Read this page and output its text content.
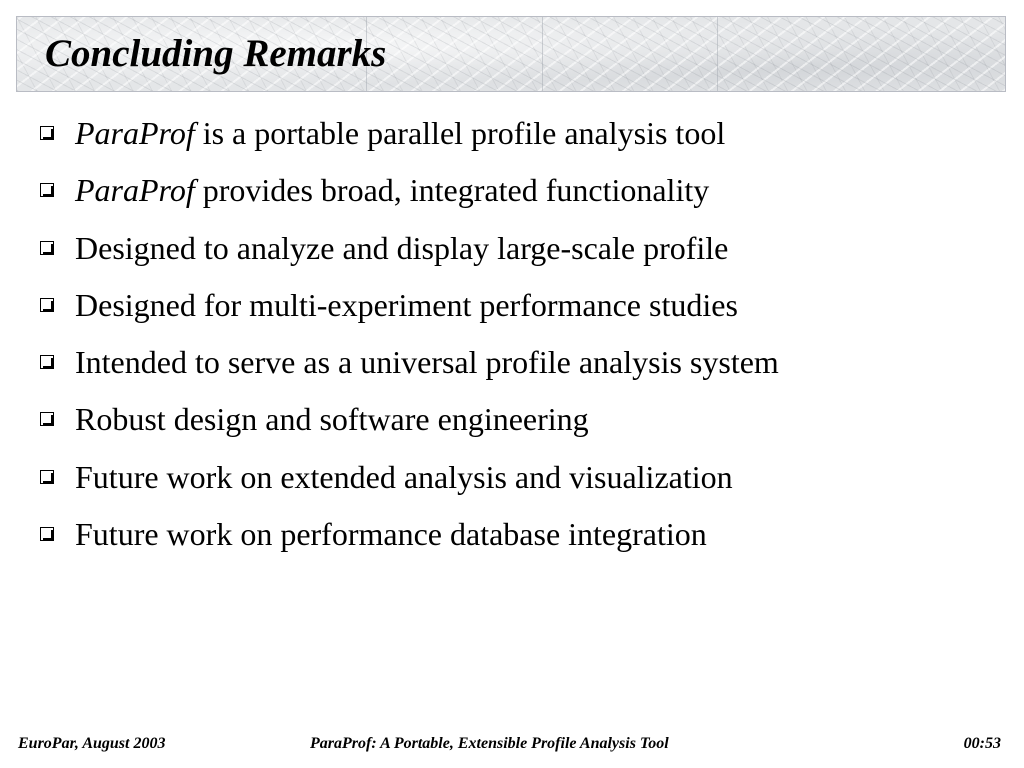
Concluding Remarks
ParaProf is a portable parallel profile analysis tool
ParaProf provides broad, integrated functionality
Designed to analyze and display large-scale profile
Designed for multi-experiment performance studies
Intended to serve as a universal profile analysis system
Robust design and software engineering
Future work on extended analysis and visualization
Future work on performance database integration
EuroPar, August 2003	ParaProf: A Portable, Extensible Profile Analysis Tool	00:53
